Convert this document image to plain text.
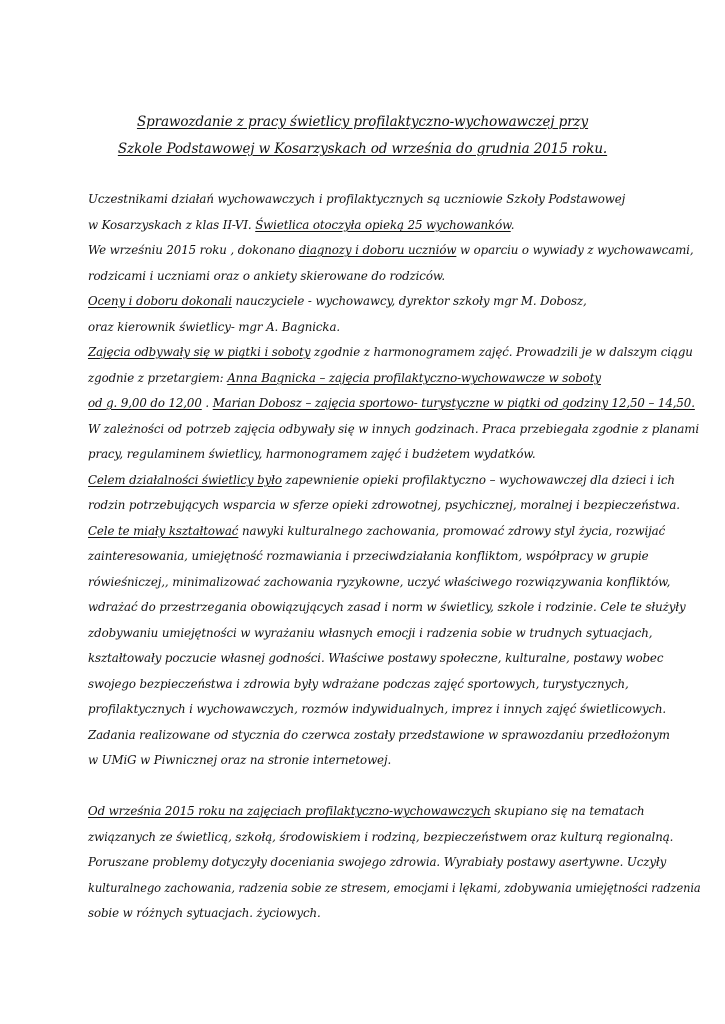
Sprawozdanie z pracy świetlicy profilaktyczno-wychowawczej przy
Szkole Podstawowej w Kosarzyskach od września do grudnia 2015 roku.
Uczestnikami działań wychowawczych i profilaktycznych są uczniowie Szkoły Podstawowej
w Kosarzyskach z klas II-VI. Świetlica otoczyła opieką 25 wychowanków.
We wrześniu 2015 roku , dokonano diagnozy i doboru uczniów w oparciu o wywiady z wychowawcami,
rodzicami i uczniami oraz o ankiety skierowane do rodziców.
Oceny i doboru dokonali nauczyciele - wychowawcy, dyrektor szkoły mgr M. Dobosz,
oraz kierownik świetlicy- mgr A. Bagnicka.
Zajęcia odbywały się w piątki i soboty zgodnie z harmonogramem zajęć. Prowadzili je w dalszym ciągu
zgodnie z przetargiem: Anna Bagnicka – zajęcia profilaktyczno-wychowawcze w soboty
od g. 9,00 do 12,00 . Marian Dobosz – zajęcia sportowo- turystyczne w piątki od godziny 12,50 – 14,50.
W zależności od potrzeb zajęcia odbywały się w innych godzinach. Praca przebiegała zgodnie z planami
pracy, regulaminem świetlicy, harmonogramem zajęć i budżetem wydatków.
Celem działalności świetlicy było zapewnienie opieki profilaktyczno – wychowawczej dla dzieci i ich
rodzin potrzebujących wsparcia w sferze opieki zdrowotnej, psychicznej, moralnej i bezpieczeństwa.
Cele te miały kształtować nawyki kulturalnego zachowania, promować zdrowy styl życia, rozwijać
zainteresowania, umiejętność rozmawiania i przeciwdziałania konfliktom, współpracy w grupie
rówieśniczej,, minimalizować zachowania ryzykowne, uczyć właściwego rozwiązywania konfliktów,
wdrażać do przestrzegania obowiązujących zasad i norm w świetlicy, szkole i rodzinie. Cele te służyły
zdobywaniu umiejętności w wyrażaniu własnych emocji i radzenia sobie w trudnych sytuacjach,
kształtowały poczucie własnej godności. Właściwe postawy społeczne, kulturalne, postawy wobec
swojego bezpieczeństwa i zdrowia były wdrażane podczas zajęć sportowych, turystycznych,
profilaktycznych i wychowawczych, rozmów indywidualnych, imprez i innych zajęć świetlicowych.
Zadania realizowane od stycznia do czerwca zostały przedstawione w sprawozdaniu przedłożonym
w UMiG w Piwnicznej oraz na stronie internetowej.
Od września 2015 roku na zajęciach profilaktyczno-wychowawczych skupiano się na tematach
związanych ze świetlicą, szkołą, środowiskiem i rodziną, bezpieczeństwem oraz kulturą regionalną.
Poruszane problemy dotyczyły doceniania swojego zdrowia. Wyrabiały postawy asertywne. Uczyły
kulturalnego zachowania, radzenia sobie ze stresem, emocjami i lękami, zdobywania umiejętności radzenia
sobie w różnych sytuacjach. życiowych.
